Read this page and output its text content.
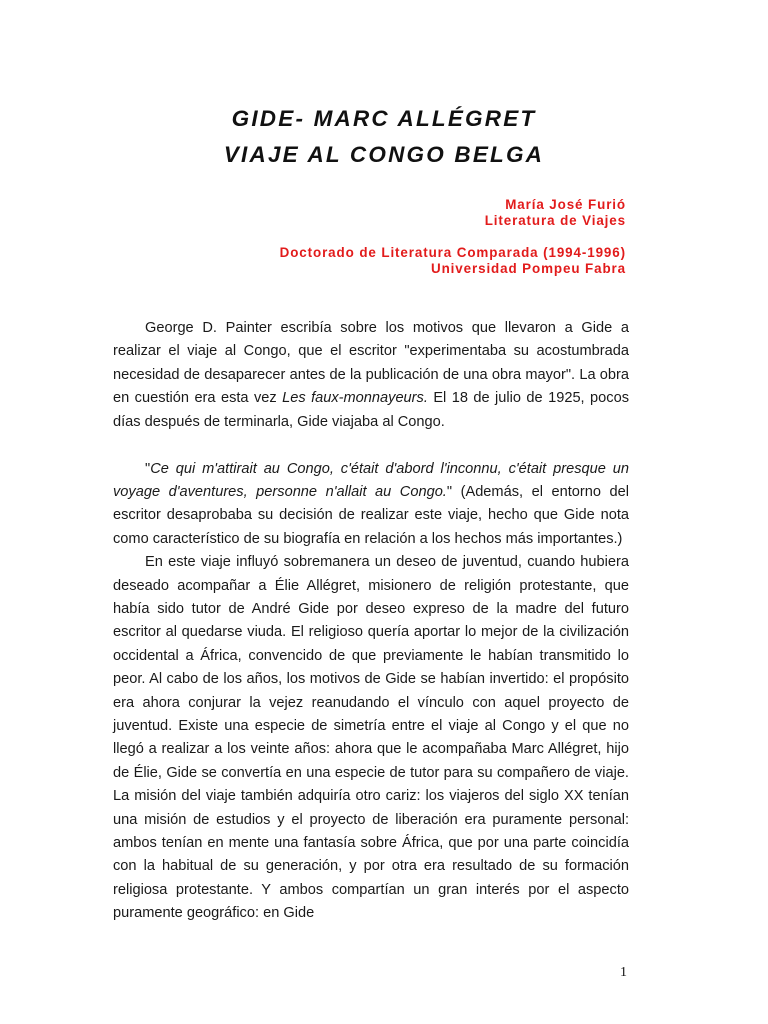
GIDE- MARC ALLÉGRET
VIAJE AL CONGO BELGA
María José Furió
Literatura de Viajes
Doctorado de Literatura Comparada (1994-1996)
Universidad Pompeu Fabra

George D. Painter escribía sobre los motivos que llevaron a Gide a realizar el viaje al Congo, que el escritor "experimentaba su acostumbrada necesidad de desaparecer antes de la publicación de una obra mayor". La obra en cuestión era esta vez Les faux-monnayeurs. El 18 de julio de 1925, pocos días después de terminarla, Gide viajaba al Congo.

"Ce qui m'attirait au Congo, c'était d'abord l'inconnu, c'était presque un voyage d'aventures, personne n'allait au Congo." (Además, el entorno del escritor desaprobaba su decisión de realizar este viaje, hecho que Gide nota como característico de su biografía en relación a los hechos más importantes.)

En este viaje influyó sobremanera un deseo de juventud, cuando hubiera deseado acompañar a Élie Allégret, misionero de religión protestante, que había sido tutor de André Gide por deseo expreso de la madre del futuro escritor al quedarse viuda. El religioso quería aportar lo mejor de la civilización occidental a África, convencido de que previamente le habían transmitido lo peor. Al cabo de los años, los motivos de Gide se habían invertido: el propósito era ahora conjurar la vejez reanudando el vínculo con aquel proyecto de juventud. Existe una especie de simetría entre el viaje al Congo y el que no llegó a realizar a los veinte años: ahora que le acompañaba Marc Allégret, hijo de Élie, Gide se convertía en una especie de tutor para su compañero de viaje. La misión del viaje también adquiría otro cariz: los viajeros del siglo XX tenían una misión de estudios y el proyecto de liberación era puramente personal: ambos tenían en mente una fantasía sobre África, que por una parte coincidía con la habitual de su generación, y por otra era resultado de su formación religiosa protestante. Y ambos compartían un gran interés por el aspecto puramente geográfico: en Gide

1
